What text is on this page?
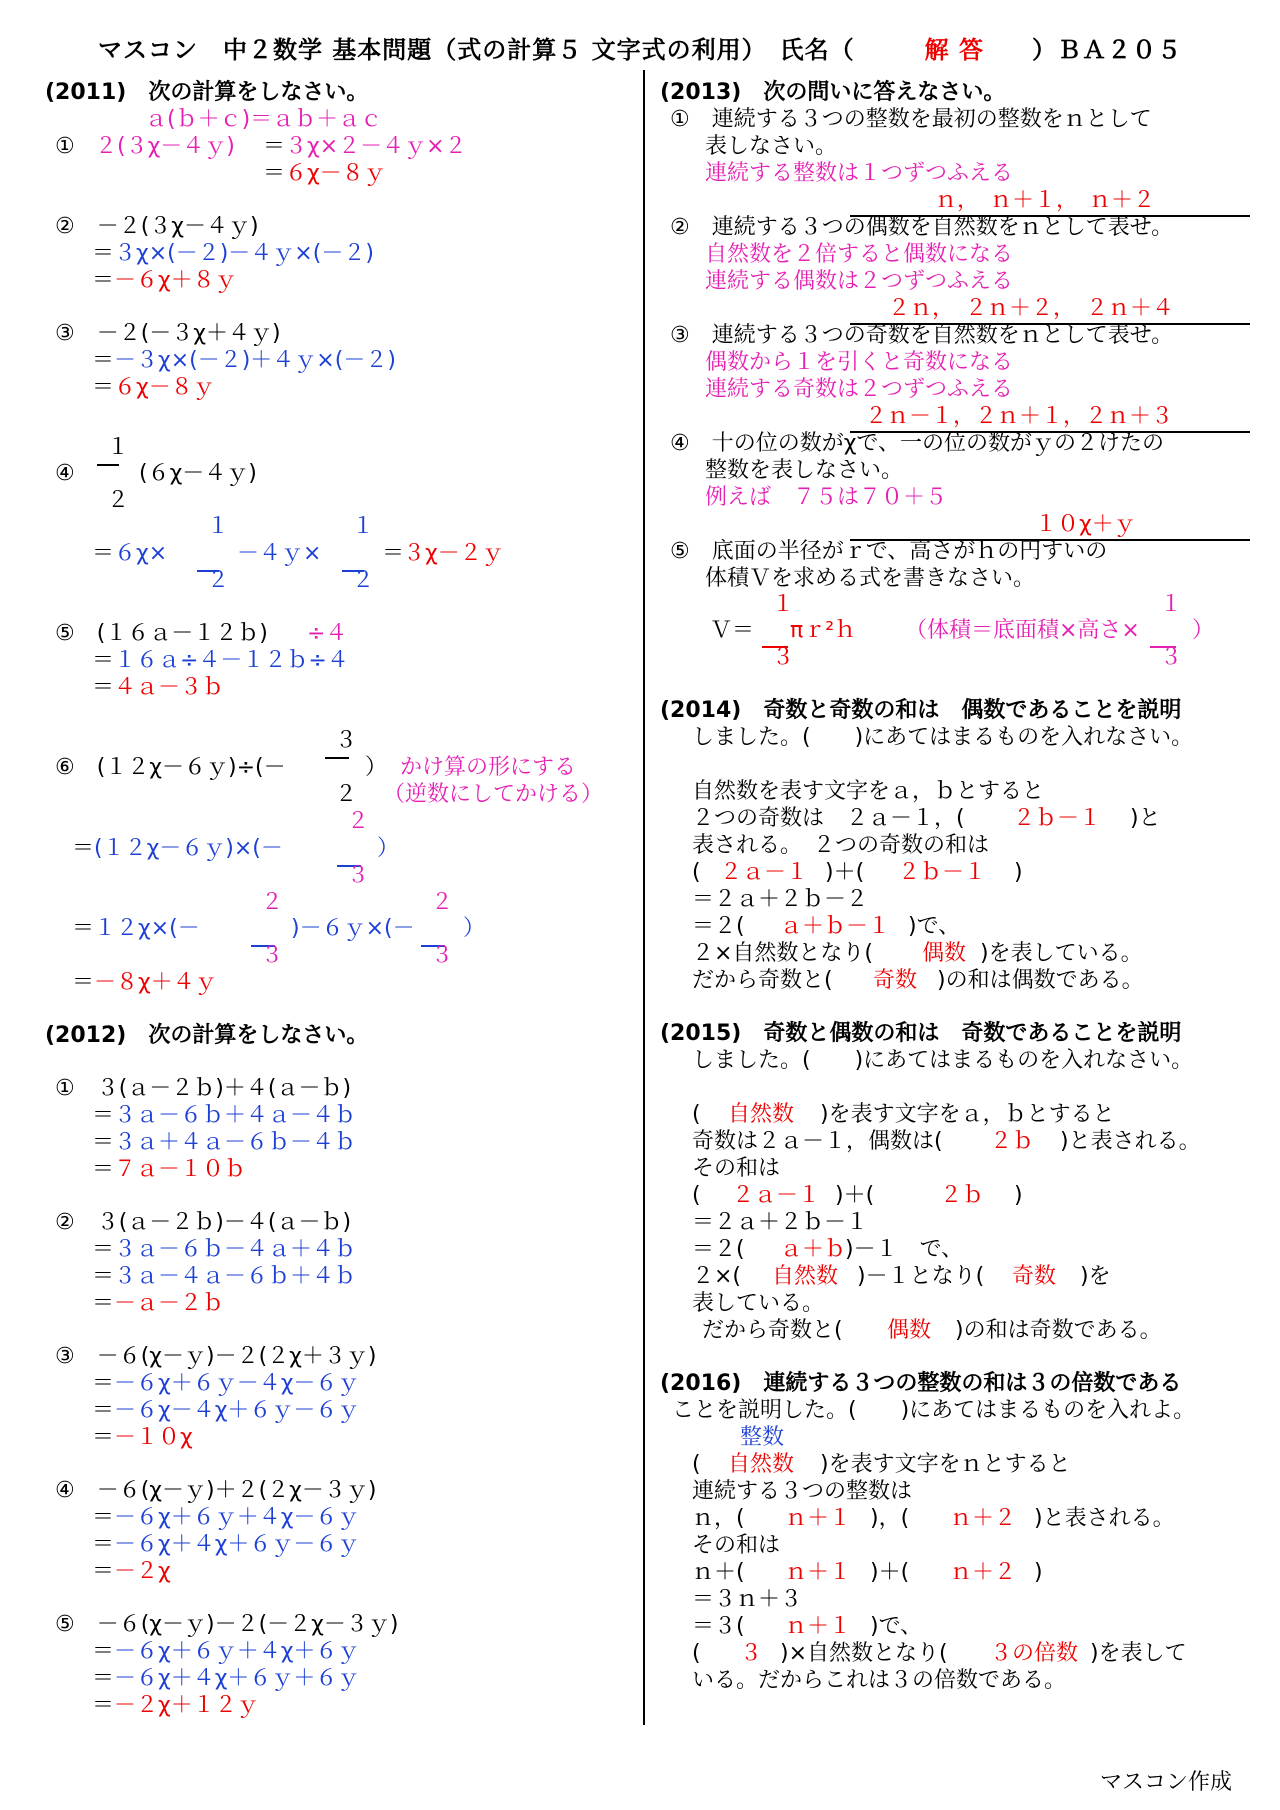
マスコン　中２数学 基本問題（式の計算５ 文字式の利用）　氏名（	解 答 ）ＢＡ２０５
(2011)　次の計算をしなさい。
ａ(ｂ＋ｃ)＝ａｂ＋ａｃ
① ２(３χ－４ｙ) ＝ ３χ×２－４ｙ×２
＝ ６χ－８ｙ
②　－２(３χ－４ｙ)
＝ ３χ×(－２)－４ｙ×(－２)
＝ －６χ＋８ｙ
③　－２(－３χ＋４ｙ)
＝ －３χ×(－２)＋４ｙ×(－２)
＝ ６χ－８ｙ
１
④	(６χ－４ｙ)
２
１	１
＝ ６χ×	－４ｙ×	＝
３χ－２ｙ
２	２
⑤　(１６ａ－１２ｂ) ÷４
＝ １６ａ÷４－１２ｂ÷４
＝ ４ａ－３ｂ
３
⑥　(１２χ－６ｙ)÷(－	） かけ算の形にする
２ （逆数にしてかける）
２
＝ (１２χ－６ｙ)×(－	）
３
２	２
＝ １２χ×(－	)－６ｙ×(－ ）
３	３
＝ －８χ＋４ｙ
(2012)　次の計算をしなさい。
①　３(ａ－２ｂ)＋４(ａ－ｂ)
＝ ３ａ－６ｂ＋４ａ－４ｂ
＝ ３ａ＋４ａ－６ｂ－４ｂ
＝ ７ａ－１０ｂ
②　３(ａ－２ｂ)－４(ａ－ｂ)
＝ ３ａ－６ｂ－４ａ＋４ｂ
＝ ３ａ－４ａ－６ｂ＋４ｂ
＝ －ａ－２ｂ
③　－６(χ－ｙ)－２(２χ＋３ｙ)
＝ －６χ＋６ｙ－４χ－６ｙ
＝ －６χ－４χ＋６ｙ－６ｙ
＝ －１０χ
④　－６(χ－ｙ)＋２(２χ－３ｙ)
＝ －６χ＋６ｙ＋４χ－６ｙ
＝ －６χ＋４χ＋６ｙ－６ｙ
＝ －２χ
⑤　－６(χ－ｙ)－２(－２χ－３ｙ)
＝ －６χ＋６ｙ＋４χ＋６ｙ
＝ －６χ＋４χ＋６ｙ＋６ｙ
＝ －２χ＋１２ｙ
(2013)　次の問いに答えなさい。
①　連続する３つの整数を最初の整数をｎとして
表しなさい。
連続する整数は１つずつふえる
ｎ，　ｎ＋１，　ｎ＋２
②　連続する３つの偶数を自然数をｎとして表せ。
自然数を２倍すると偶数になる
連続する偶数は２つずつふえる
２ｎ，　２ｎ＋２，　２ｎ＋４
③　連続する３つの奇数を自然数をｎとして表せ。
偶数から１を引くと奇数になる
連続する奇数は２つずつふえる
２ｎ－１，２ｎ＋１，２ｎ＋３
④　十の位の数がχで、一の位の数がｙの２けたの
整数を表しなさい。
例えば　７５は７０＋５
１０χ＋ｙ
⑤　底面の半径がｒで、高さがｈの円すいの
体積Ｖを求める式を書きなさい。
１	１
Ｖ＝ πｒ²ｈ （体積＝底面積×高さ× ）
３	３
(2014)　奇数と奇数の和は　偶数であることを説明
しました。(　　)にあてはまるものを入れなさい。
自然数を表す文字をａ，ｂとすると
２つの奇数は　２ａ－１，( ２ｂ－１ )と
表される。　２つの奇数の和は
( ２ａ－１ )＋( ２ｂ－１ )
＝２ａ＋２ｂ－２
＝２( ａ＋ｂ－１ )で、
２×自然数となり( 偶数 )を表している。
だから奇数と( 奇数 )の和は偶数である。
(2015)　奇数と偶数の和は　奇数であることを説明
しました。(　　)にあてはまるものを入れなさい。
( 自然数 )を表す文字をａ，ｂとすると
奇数は２ａ－１，偶数は( ２ｂ )と表される。
その和は
( ２ａ－１ )＋(	２ｂ )
＝２ａ＋２ｂ－１
＝２( ａ＋ｂ
)－１　で、
２×( 自然数 )－１となり( 奇数 )を
表している。
だから奇数と( 偶数 )の和は奇数である。
(2016)　連続する３つの整数の和は３の倍数である
ことを説明した。(　　)にあてはまるものを入れよ。
整数
( 自然数 )を表す文字をｎとすると
連続する３つの整数は
ｎ，( ｎ＋１ )，( ｎ＋２ )と表される。
その和は
ｎ＋( ｎ＋１ )＋( ｎ＋２ )
＝３ｎ＋３
＝３( ｎ＋１ )で、
( ３ )×自然数となり( ３の倍数 )を表して
いる。だからこれは３の倍数である。
マスコン作成
